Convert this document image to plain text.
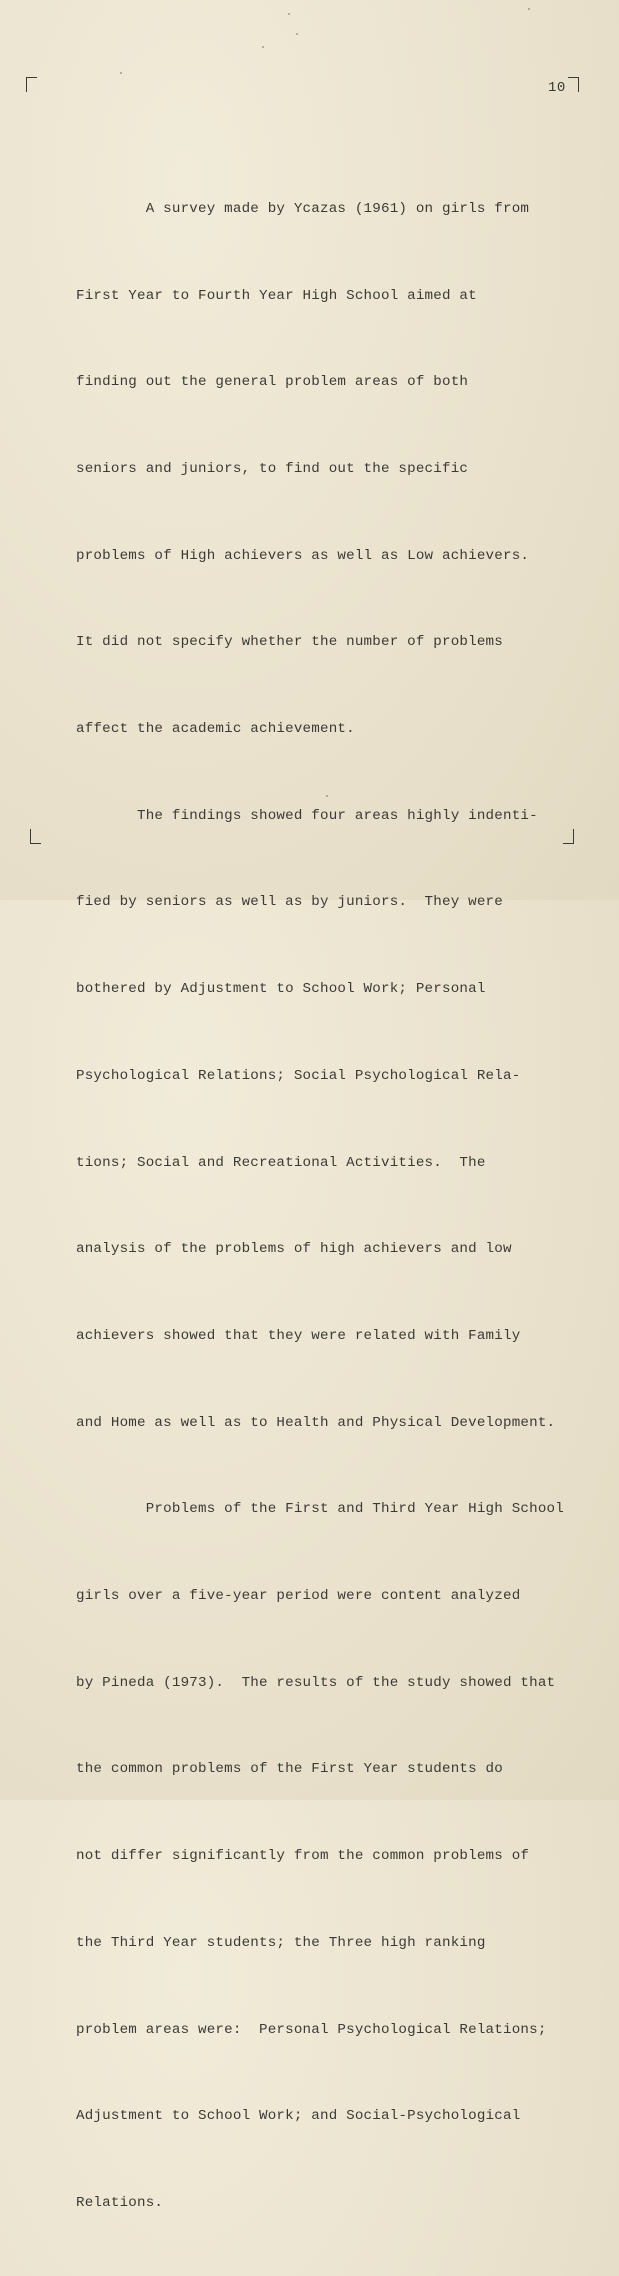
10

A survey made by Ycazas (1961) on girls from

First Year to Fourth Year High School aimed at

finding out the general problem areas of both

seniors and juniors, to find out the specific

problems of High achievers as well as Low achievers.

It did not specify whether the number of problems

affect the academic achievement.

The findings showed four areas highly indenti-

fied by seniors as well as by juniors.  They were

bothered by Adjustment to School Work; Personal

Psychological Relations; Social Psychological Rela-

tions; Social and Recreational Activities.  The

analysis of the problems of high achievers and low

achievers showed that they were related with Family

and Home as well as to Health and Physical Development.

Problems of the First and Third Year High School

girls over a five-year period were content analyzed

by Pineda (1973).  The results of the study showed that

the common problems of the First Year students do

not differ significantly from the common problems of

the Third Year students; the Three high ranking

problem areas were:  Personal Psychological Relations;

Adjustment to School Work; and Social-Psychological

Relations.
